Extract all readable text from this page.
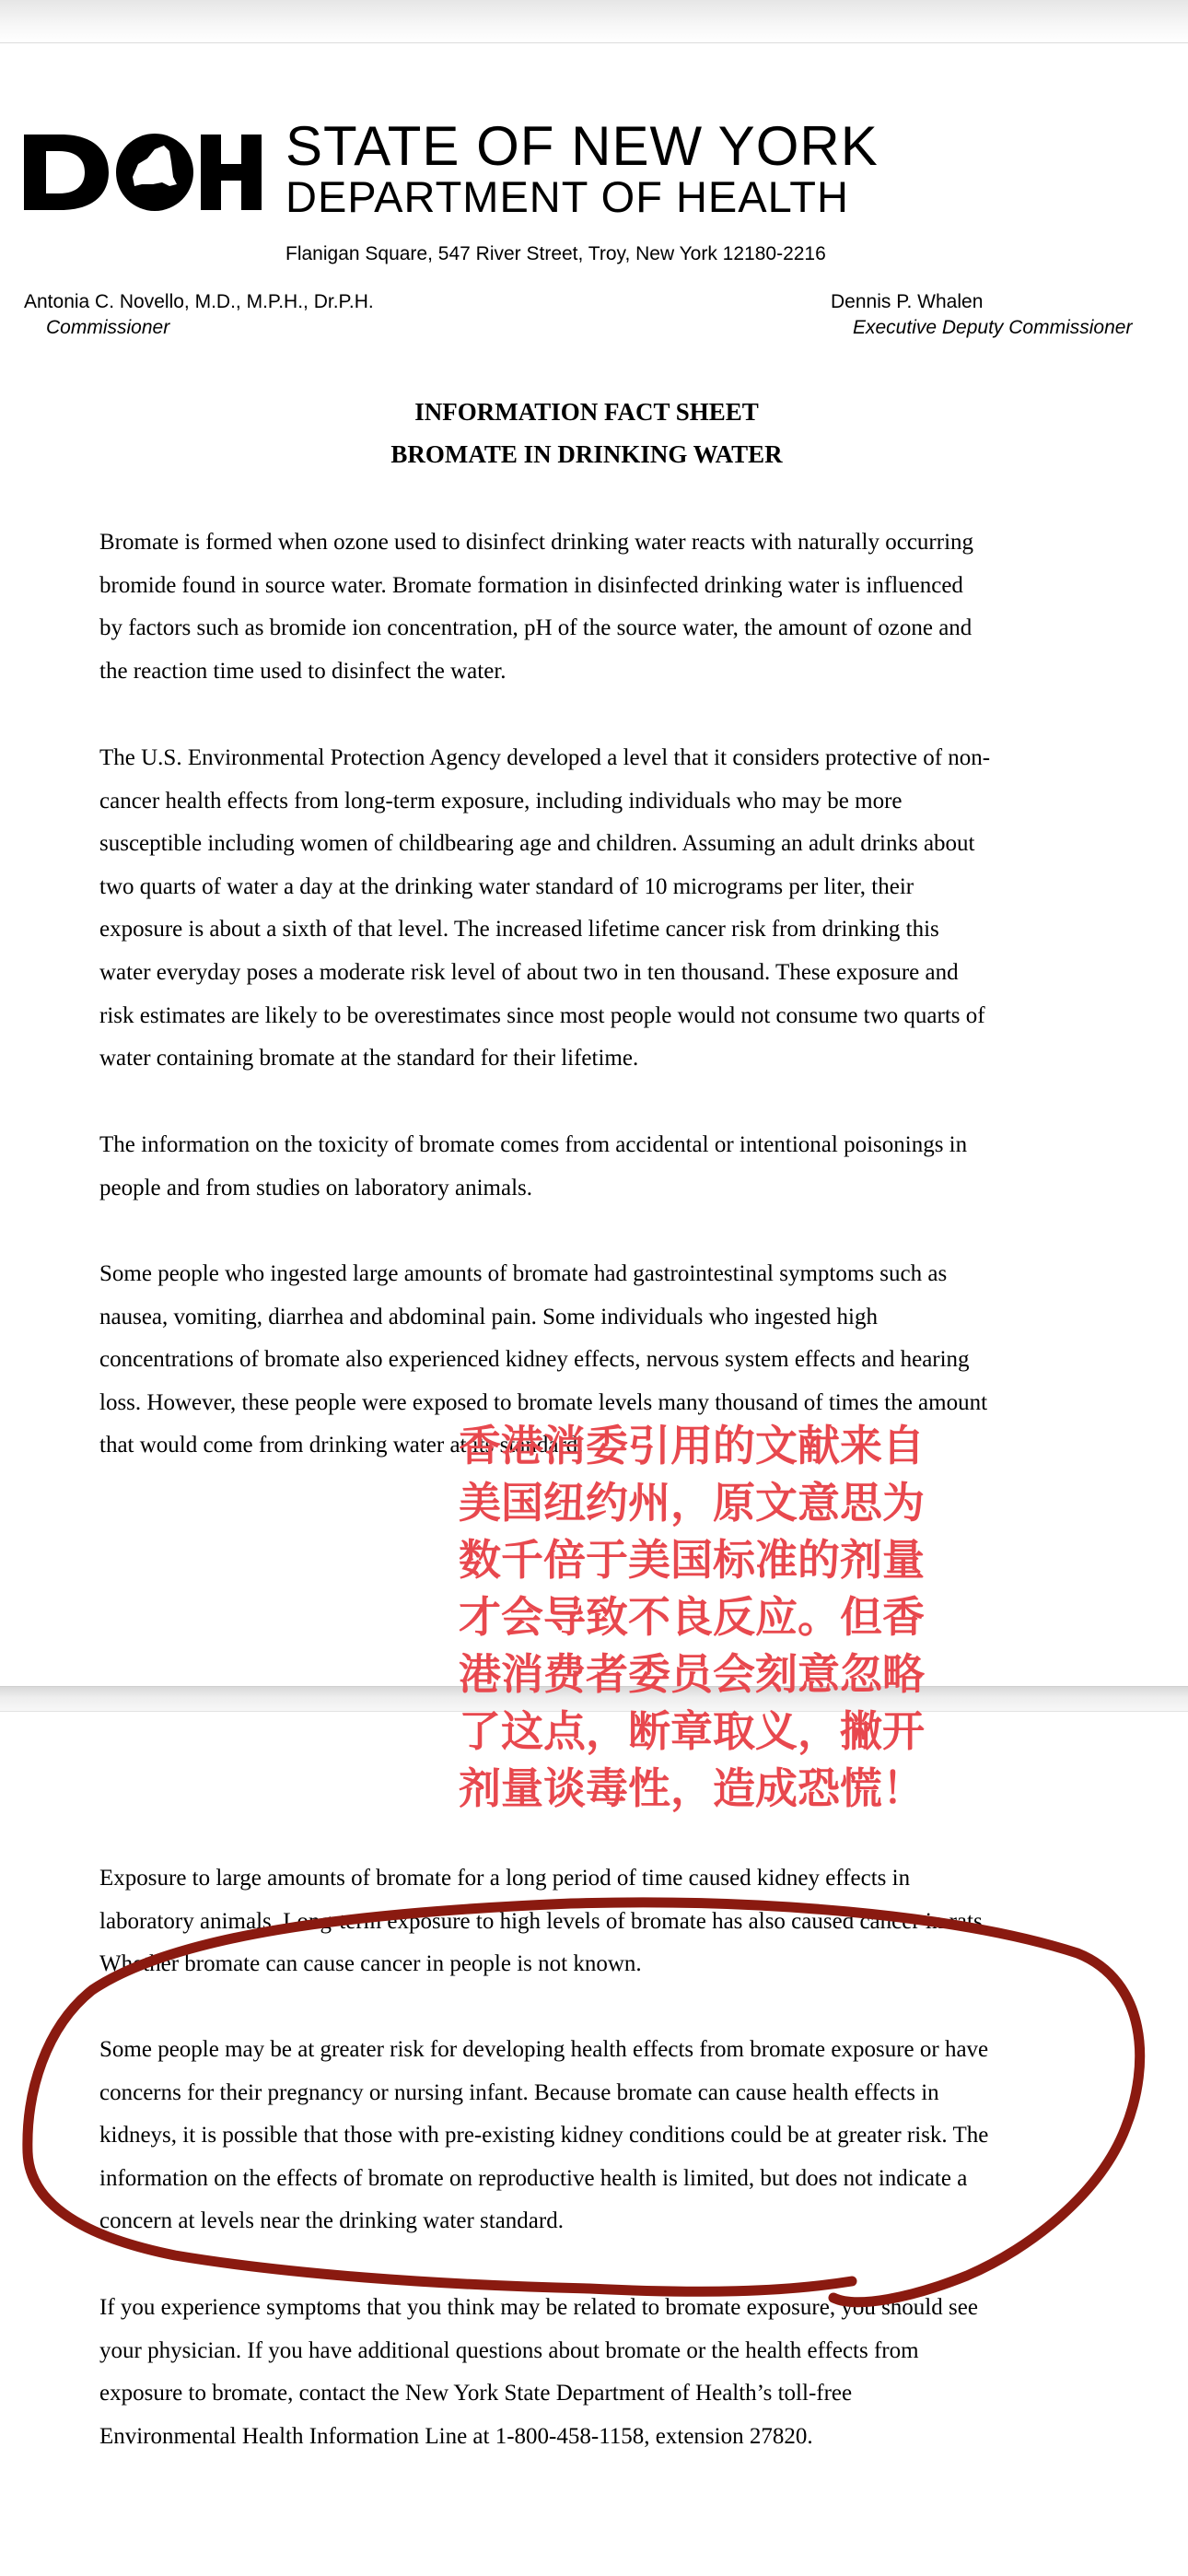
STATE OF NEW YORK
DEPARTMENT OF HEALTH
Flanigan Square, 547 River Street, Troy, New York 12180-2216
Antonia C. Novello, M.D., M.P.H., Dr.P.H.
Commissioner
Dennis P. Whalen
Executive Deputy Commissioner
INFORMATION FACT SHEET
BROMATE IN DRINKING WATER
Bromate is formed when ozone used to disinfect drinking water reacts with naturally occurring
bromide found in source water. Bromate formation in disinfected drinking water is influenced
by factors such as bromide ion concentration, pH of the source water, the amount of ozone and
the reaction time used to disinfect the water.
The U.S. Environmental Protection Agency developed a level that it considers protective of non-
cancer health effects from long-term exposure, including individuals who may be more
susceptible including women of childbearing age and children. Assuming an adult drinks about
two quarts of water a day at the drinking water standard of 10 micrograms per liter, their
exposure is about a sixth of that level. The increased lifetime cancer risk from drinking this
water everyday poses a moderate risk level of about two in ten thousand. These exposure and
risk estimates are likely to be overestimates since most people would not consume two quarts of
water containing bromate at the standard for their lifetime.
The information on the toxicity of bromate comes from accidental or intentional poisonings in
people and from studies on laboratory animals.
Some people who ingested large amounts of bromate had gastrointestinal symptoms such as
nausea, vomiting, diarrhea and abdominal pain. Some individuals who ingested high
concentrations of bromate also experienced kidney effects, nervous system effects and hearing
loss. However, these people were exposed to bromate levels many thousand of times the amount
that would come from drinking water at its standard.
香港消委引用的文献来自
美国纽约州，原文意思为
数千倍于美国标准的剂量
才会导致不良反应。但香
港消费者委员会刻意忽略
了这点，断章取义，撇开
剂量谈毒性，造成恐慌！
Exposure to large amounts of bromate for a long period of time caused kidney effects in
laboratory animals. Long-term exposure to high levels of bromate has also caused cancer in rats.
Whether bromate can cause cancer in people is not known.
Some people may be at greater risk for developing health effects from bromate exposure or have
concerns for their pregnancy or nursing infant. Because bromate can cause health effects in
kidneys, it is possible that those with pre-existing kidney conditions could be at greater risk. The
information on the effects of bromate on reproductive health is limited, but does not indicate a
concern at levels near the drinking water standard.
If you experience symptoms that you think may be related to bromate exposure, you should see
your physician. If you have additional questions about bromate or the health effects from
exposure to bromate, contact the New York State Department of Health’s toll-free
Environmental Health Information Line at 1-800-458-1158, extension 27820.
